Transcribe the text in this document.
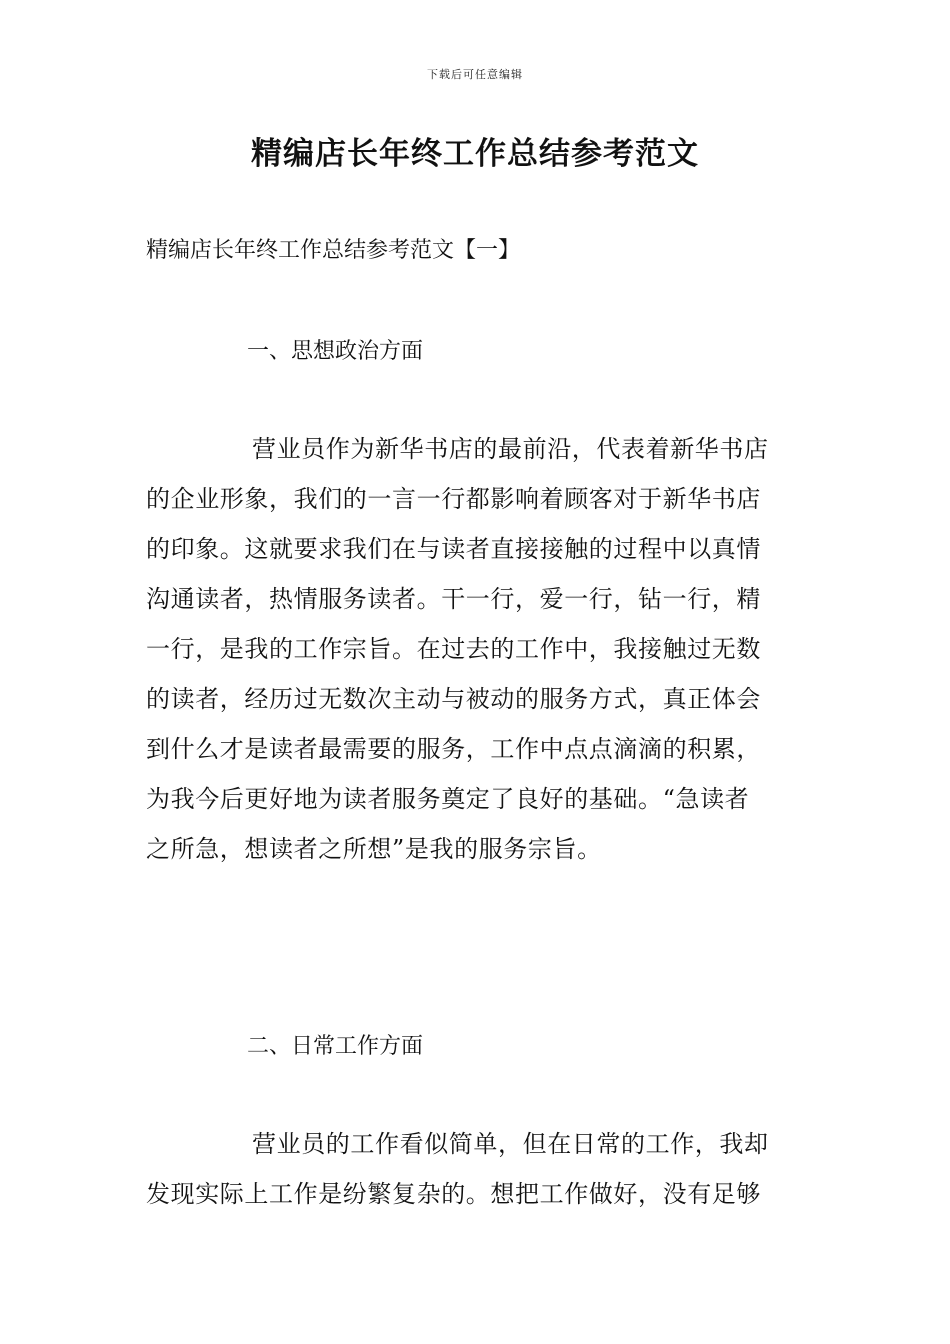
下载后可任意编辑
精编店长年终工作总结参考范文

精编店长年终工作总结参考范文【一】

一、思想政治方面

营业员作为新华书店的最前沿，代表着新华书店
的企业形象，我们的一言一行都影响着顾客对于新华书店
的印象。这就要求我们在与读者直接接触的过程中以真情
沟通读者，热情服务读者。干一行，爱一行，钻一行，精
一行，是我的工作宗旨。在过去的工作中，我接触过无数
的读者，经历过无数次主动与被动的服务方式，真正体会
到什么才是读者最需要的服务，工作中点点滴滴的积累，
为我今后更好地为读者服务奠定了良好的基础。“急读者
之所急，想读者之所想”是我的服务宗旨。

二、日常工作方面

营业员的工作看似简单，但在日常的工作，我却
发现实际上工作是纷繁复杂的。想把工作做好，没有足够
